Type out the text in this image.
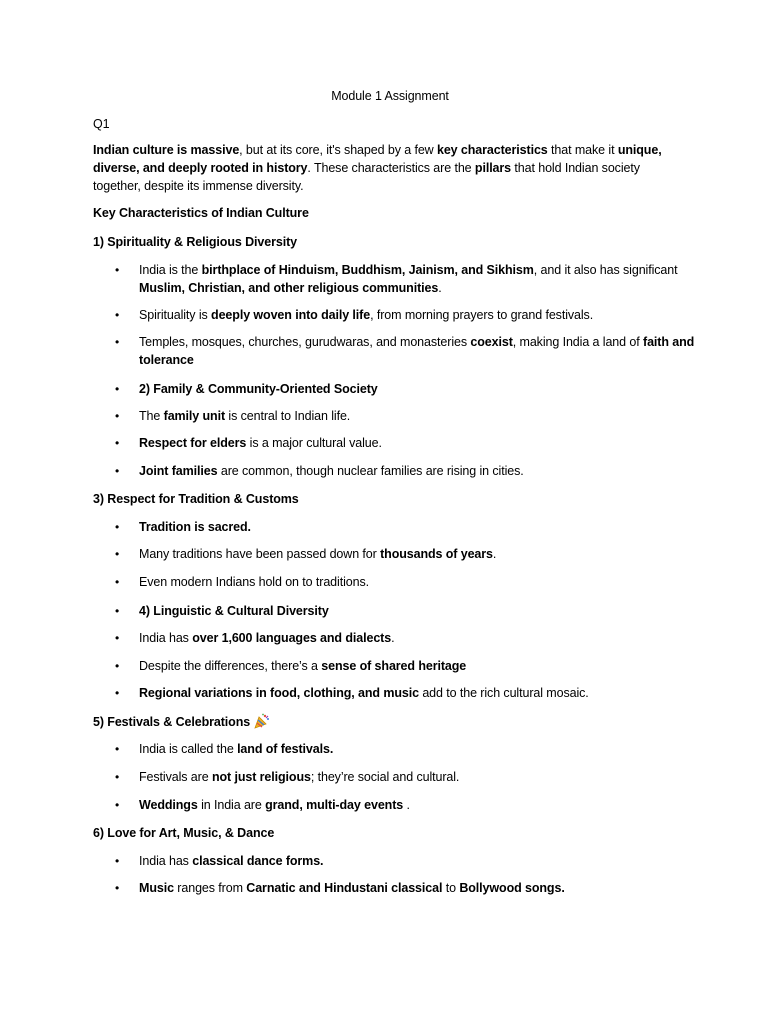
Module 1 Assignment

Q1

Indian culture is massive, but at its core, it's shaped by a few key characteristics that make it unique, diverse, and deeply rooted in history. These characteristics are the pillars that hold Indian society together, despite its immense diversity.

Key Characteristics of Indian Culture

1) Spirituality & Religious Diversity

• India is the birthplace of Hinduism, Buddhism, Jainism, and Sikhism, and it also has significant Muslim, Christian, and other religious communities.

• Spirituality is deeply woven into daily life, from morning prayers to grand festivals.

• Temples, mosques, churches, gurudwaras, and monasteries coexist, making India a land of faith and tolerance

• 2) Family & Community-Oriented Society

• The family unit is central to Indian life.

• Respect for elders is a major cultural value.

• Joint families are common, though nuclear families are rising in cities.

3) Respect for Tradition & Customs

• Tradition is sacred.

• Many traditions have been passed down for thousands of years.

• Even modern Indians hold on to traditions.

• 4) Linguistic & Cultural Diversity

• India has over 1,600 languages and dialects.

• Despite the differences, there’s a sense of shared heritage

• Regional variations in food, clothing, and music add to the rich cultural mosaic.

5) Festivals & Celebrations

• India is called the land of festivals.

• Festivals are not just religious; they’re social and cultural.

• Weddings in India are grand, multi-day events .

6) Love for Art, Music, & Dance

• India has classical dance forms.

• Music ranges from Carnatic and Hindustani classical to Bollywood songs.
